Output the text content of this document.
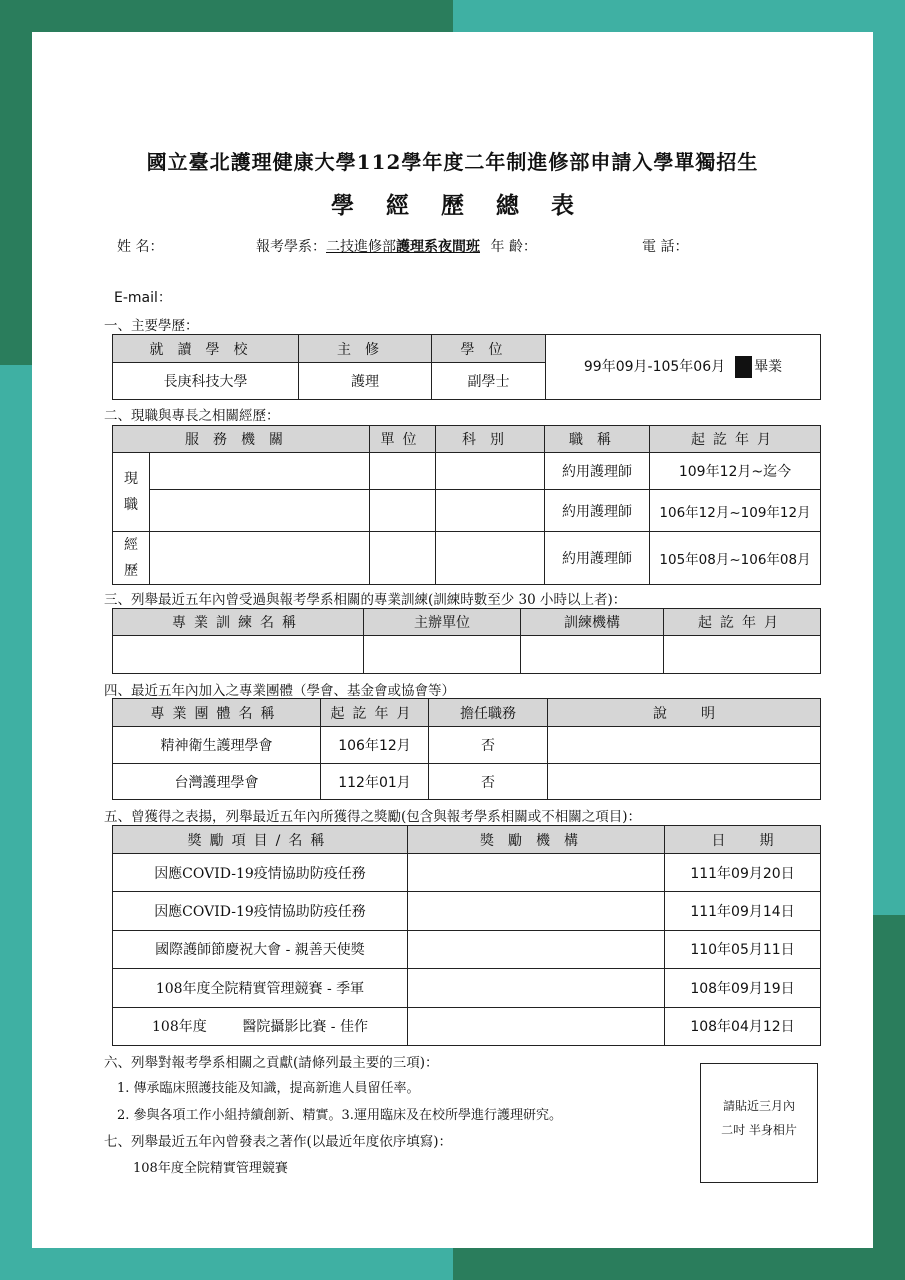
國立臺北護理健康大學112學年度二年制進修部申請入學單獨招生
學經歷總表
姓 名：	報考學系：二技進修部護理系夜間班 年 齡：	電 話：
E-mail：
一、主要學歷：
就讀學校	主修	學位	99年09月-105年06月 畢業
長庚科技大學	護理	副學士	
二、現職與專長之相關經歷：
服務機關		單位	科別	職稱	起訖年月
現
職				約用護理師	109年12月~迄今
				約用護理師	106年12月~109年12月
經
歷				約用護理師	105年08月~106年08月
三、列舉最近五年內曾受過與報考學系相關的專業訓練(訓練時數至少 30 小時以上者)：
專業訓練名稱	主辦單位	訓練機構	起訖年月

四、最近五年內加入之專業團體（學會、基金會或協會等）
專業團體名稱	起訖年月	擔任職務	說明
精神衛生護理學會	106年12月	否	
台灣護理學會	112年01月	否	
五、曾獲得之表揚，列舉最近五年內所獲得之獎勵(包含與報考學系相關或不相關之項目)：
獎勵項目/名稱	獎勵機構	日期
因應COVID-19疫情協助防疫任務		111年09月20日
因應COVID-19疫情協助防疫任務		111年09月14日
國際護師節慶祝大會 - 親善天使獎		110年05月11日
108年度全院精實管理競賽 - 季軍		108年09月19日
108年度        醫院攝影比賽 - 佳作		108年04月12日
六、列舉對報考學系相關之貢獻(請條列最主要的三項)：
1. 傳承臨床照護技能及知識，提高新進人員留任率。
2. 參與各項工作小組持續創新、精實。3.運用臨床及在校所學進行護理研究。
七、列舉最近五年內曾發表之著作(以最近年度依序填寫)：
108年度全院精實管理競賽
請貼近三月內
二吋 半身相片
